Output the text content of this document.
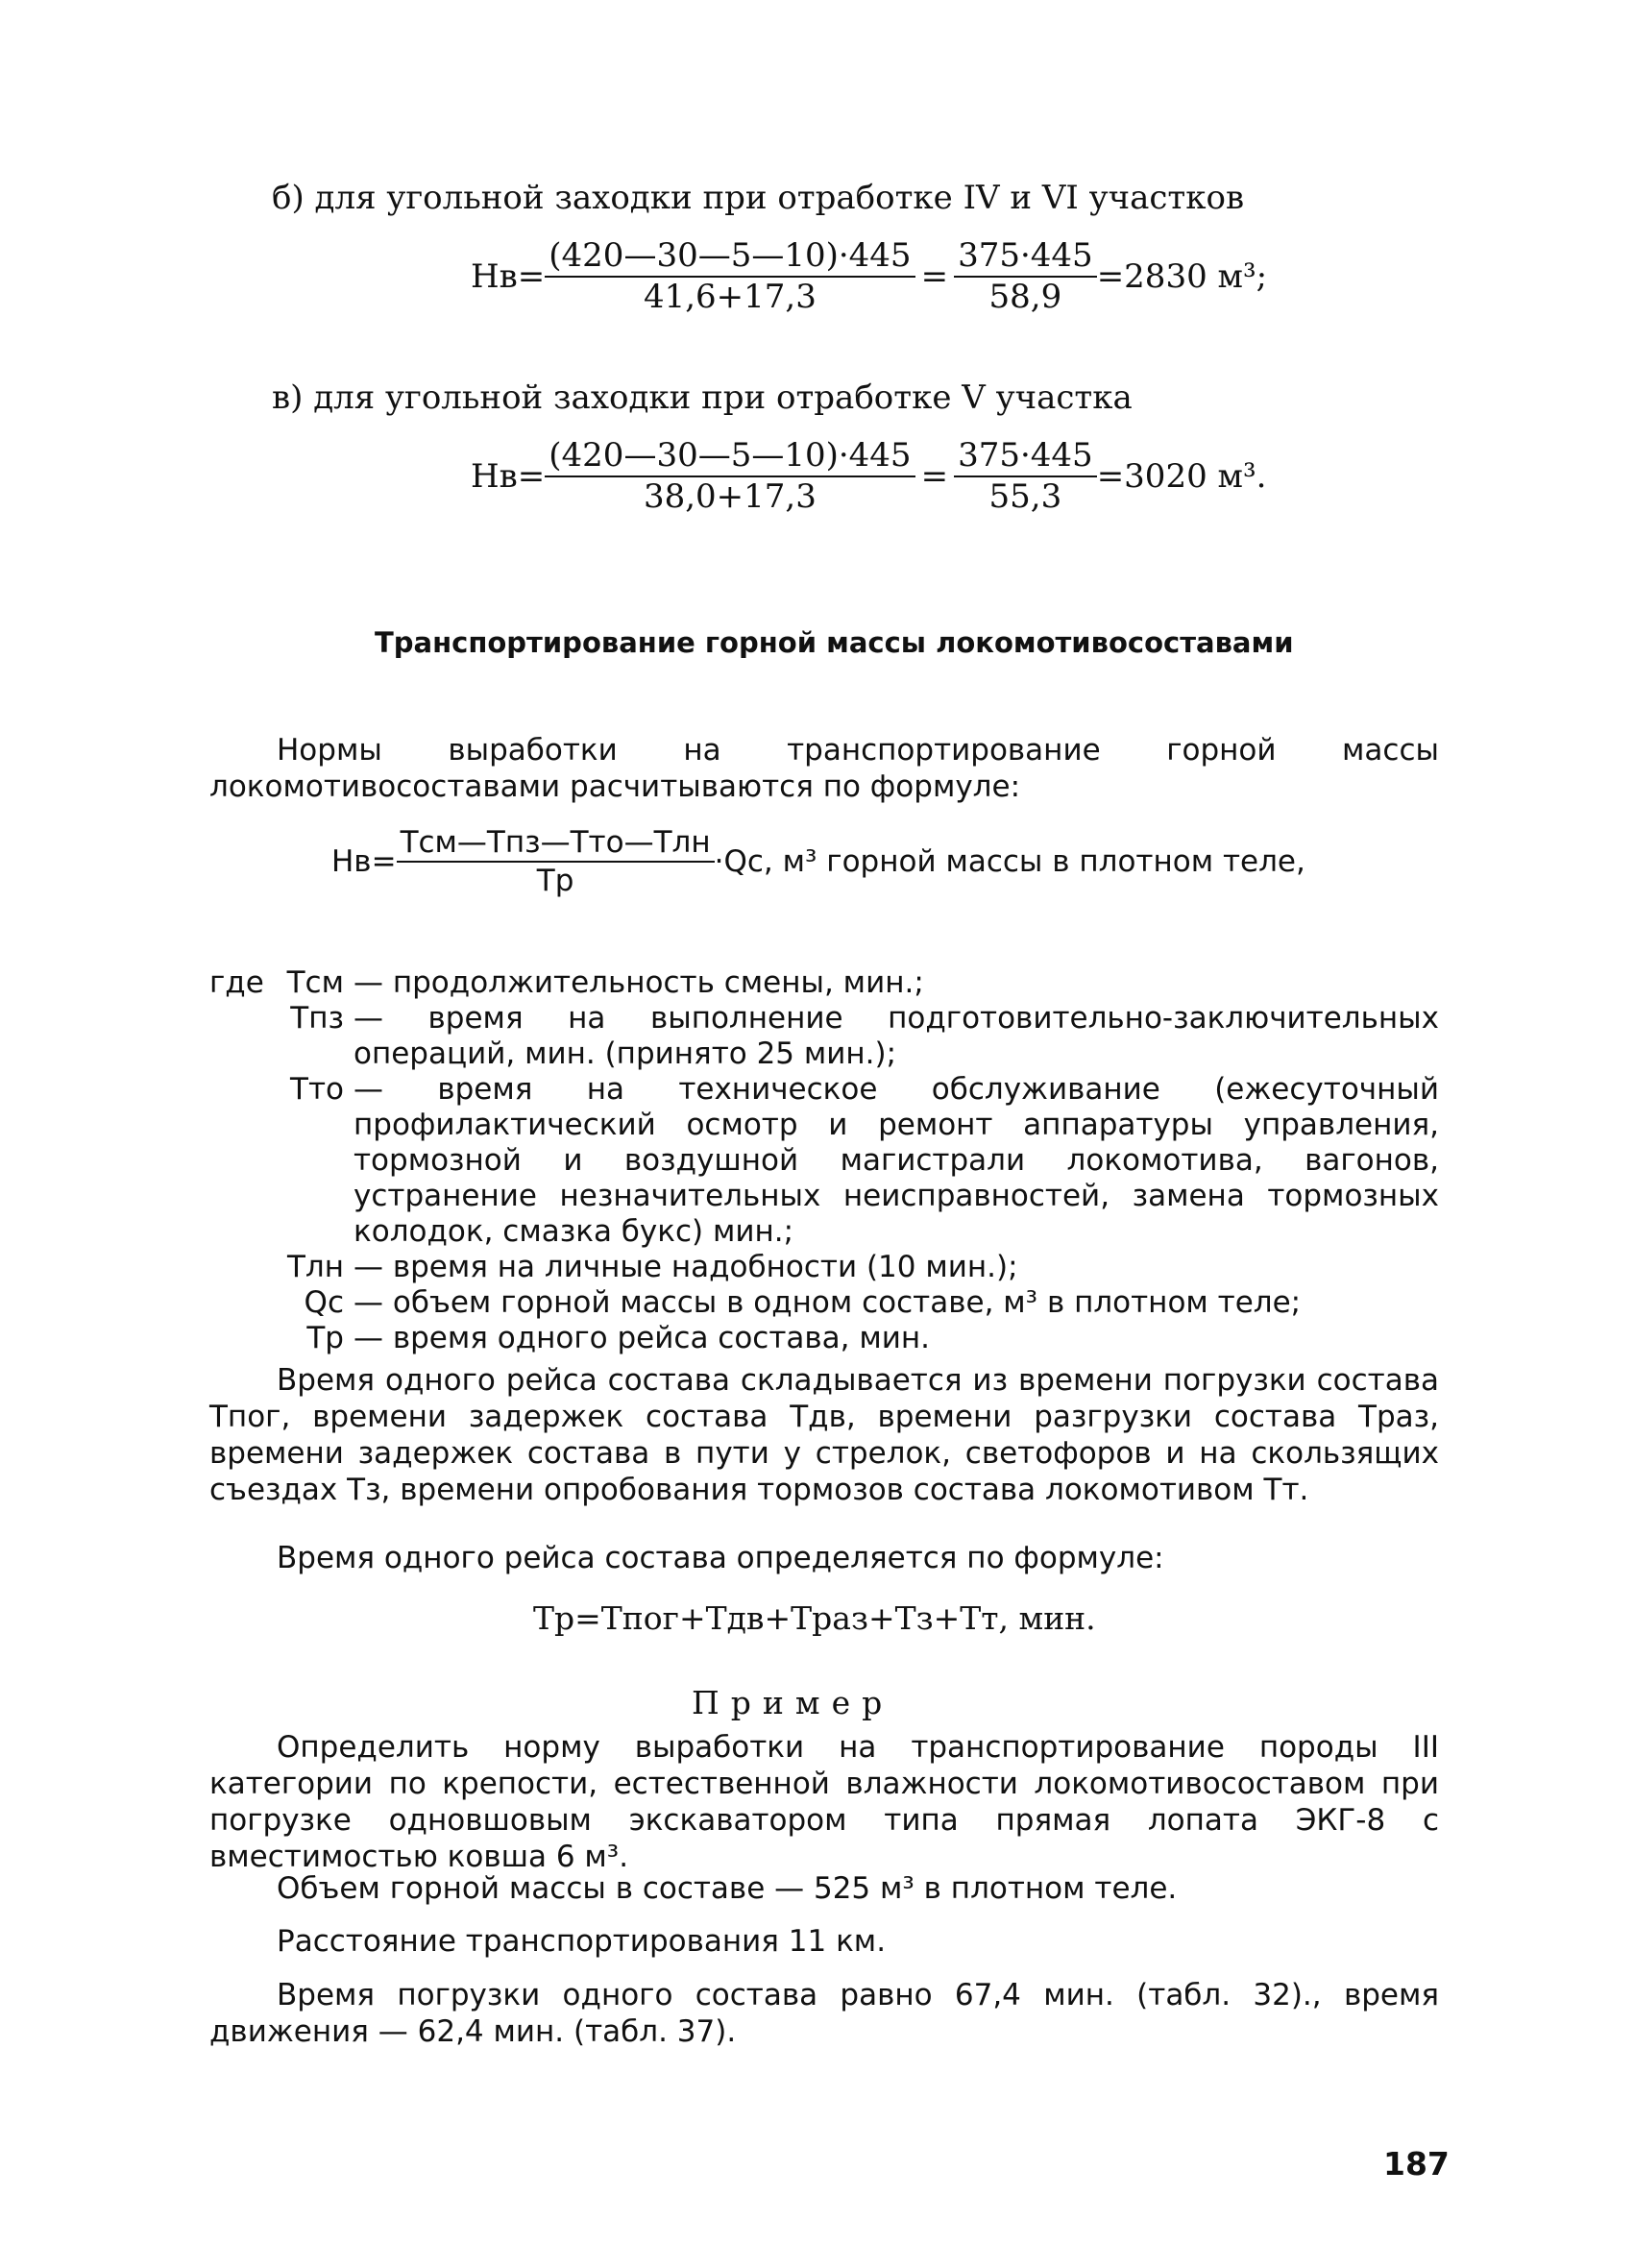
б) для угольной заходки при отработке IV и VI участков
$Нв= \frac{(420—30—5—10)\cdot 445}{41,6+17,3} = \frac{375\cdot 445}{58,9} =2830$ м³;
в) для угольной заходки при отработке V участка
$Нв= \frac{(420—30—5—10)\cdot 445}{38,0+17,3} = \frac{375\cdot 445}{55,3} =3020$ м³.
Транспортирование горной массы локомотивосоставами
Нормы выработки на транспортирование горной массы локомотивосоставами расчитываются по формуле:
$Нв= \frac{\text{Тсм—Тпз—Тто—Тлн}}{Тр} \cdot Qс$, м³ горной массы в плотном теле,
где Тсм — продолжительность смены, мин.;
Тпз — время на выполнение подготовительно-заключительных операций, мин. (принято 25 мин.);
Тто — время на техническое обслуживание (ежесуточный профилактический осмотр и ремонт аппаратуры управления, тормозной и воздушной магистрали локомотива, вагонов, устранение незначительных неисправностей, замена тормозных колодок, смазка букс) мин.;
Тлн — время на личные надобности (10 мин.);
Qс — объем горной массы в одном составе, м³ в плотном теле;
Тр — время одного рейса состава, мин.
Время одного рейса состава складывается из времени погрузки состава Тпог, времени задержек состава Тдв, времени разгрузки состава Траз, времени задержек состава в пути у стрелок, светофоров и на скользящих съездах Тз, времени опробования тормозов состава локомотивом Тт.
Время одного рейса состава определяется по формуле:
Тр=Тпог+Тдв+Траз+Тз+Тт, мин.
Пример
Определить норму выработки на транспортирование породы III категории по крепости, естественной влажности локомотивосоставом при погрузке одновшовым экскаватором типа прямая лопата ЭКГ-8 с вместимостью ковша 6 м³.
Объем горной массы в составе — 525 м³ в плотном теле.
Расстояние транспортирования 11 км.
Время погрузки одного состава равно 67,4 мин. (табл. 32)., время движения — 62,4 мин. (табл. 37).
187
